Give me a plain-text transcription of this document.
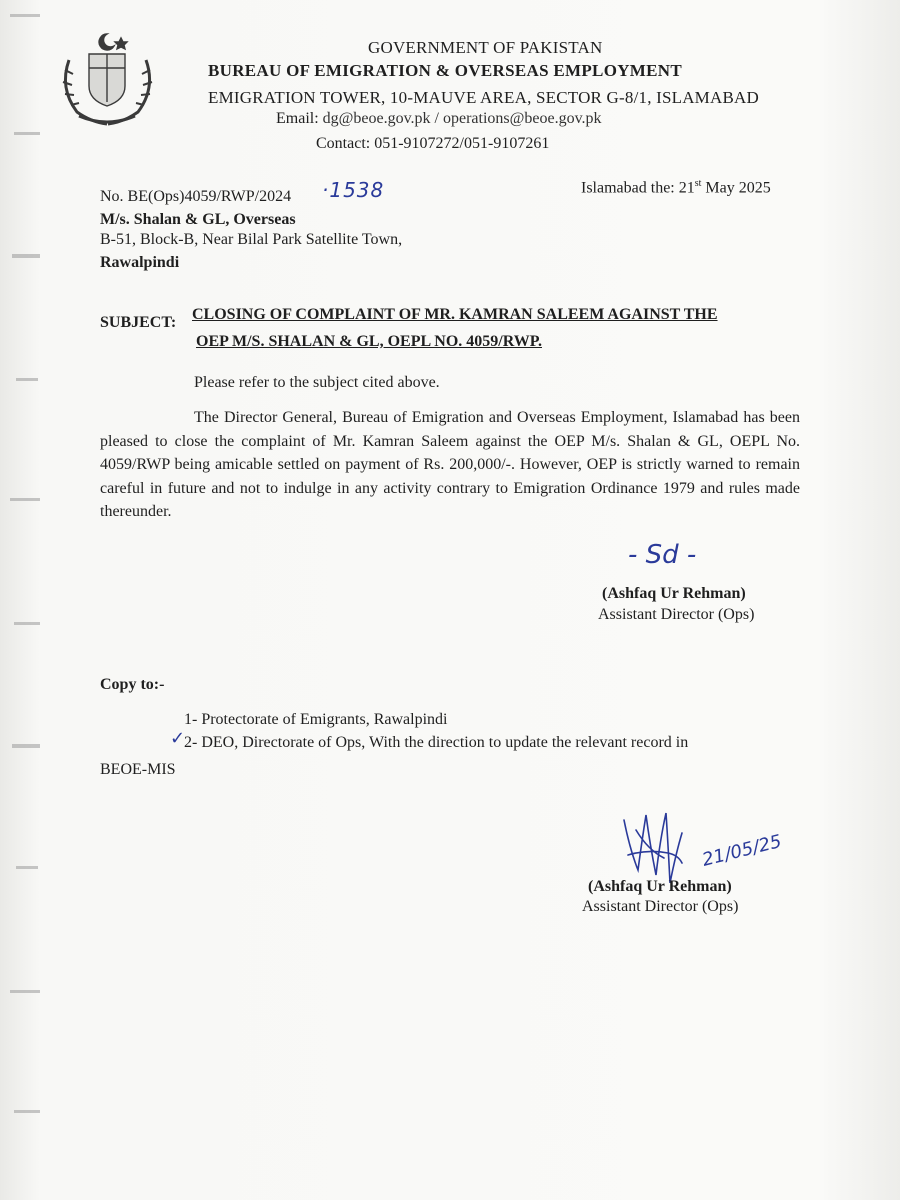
GOVERNMENT OF PAKISTAN
BUREAU OF EMIGRATION & OVERSEAS EMPLOYMENT
EMIGRATION TOWER, 10-MAUVE AREA, SECTOR G-8/1, ISLAMABAD
Email: dg@beoe.gov.pk / operations@beoe.gov.pk
Contact: 051-9107272/051-9107261
No. BE(Ops)4059/RWP/2024 ·1538	Islamabad the: 21st May 2025
M/s. Shalan & GL, Overseas
B-51, Block-B, Near Bilal Park Satellite Town,
Rawalpindi
SUBJECT: CLOSING OF COMPLAINT OF MR. KAMRAN SALEEM AGAINST THE
OEP M/S. SHALAN & GL, OEPL NO. 4059/RWP.
Please refer to the subject cited above.
The Director General, Bureau of Emigration and Overseas Employment, Islamabad has been pleased to close the complaint of Mr. Kamran Saleem against the OEP M/s. Shalan & GL, OEPL No. 4059/RWP being amicable settled on payment of Rs. 200,000/-. However, OEP is strictly warned to remain careful in future and not to indulge in any activity contrary to Emigration Ordinance 1979 and rules made thereunder.
- Sd -
(Ashfaq Ur Rehman)
Assistant Director (Ops)
Copy to:-
1- Protectorate of Emigrants, Rawalpindi
✓
2- DEO, Directorate of Ops, With the direction to update the relevant record in
BEOE-MIS
21/05/25
(Ashfaq Ur Rehman)
Assistant Director (Ops)
